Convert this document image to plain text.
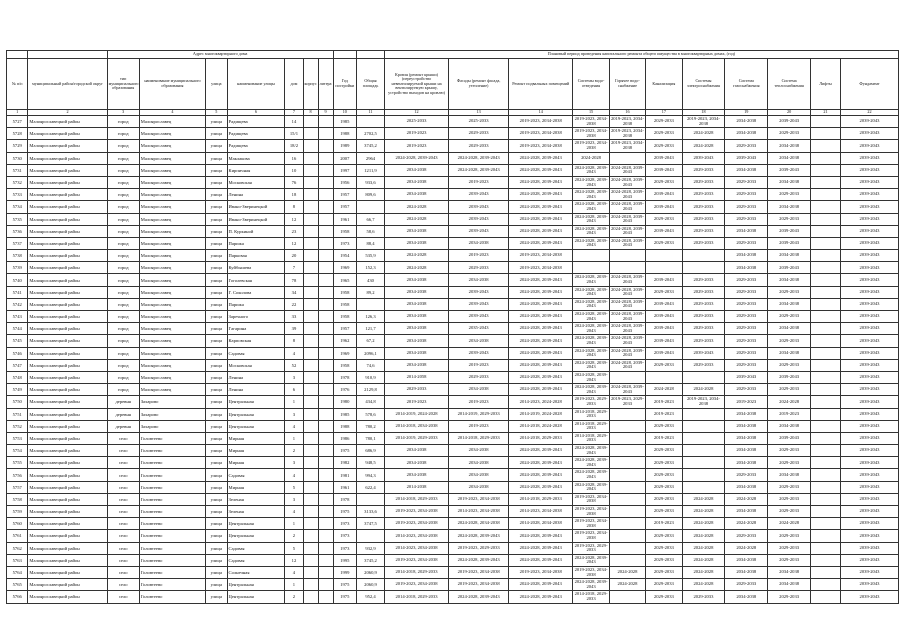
		Адрес многоквартирного дома									Плановый период проведения капитального ремонта общего имущества в многоквартирных домах, (год)										
№ п/п	муниципальный район/городской округ	тип муниципального образования	наименование муниципального образования	улица	наименование улицы	дом	корпус	литера	Год постройки	Общая площадь	Кровля (ремонт крыши) (переустройство невентилируемой крыши на вентилируемую крышу, устройство выходов на кровлю)	Фасады (ремонт фасада, утепление)	Ремонт подвальных помещений	Системы водо-отведения	Горячее водо-снабжение	Канализация	Системы электроснабжения	Система газоснабжения	Система теплоснабжения	Лифты	Фундамент
1	2	3	4	5	6	7	8	9	10	11	12	13	14	15	16	17	18	19	20	21	22
5727	Малоярославецкий район	город	Малоярославец	улица	Радищева	14			1985		2025-2033	2025-2033	2019-2023, 2034-2038	2019-2023, 2034-2038	2019-2023, 2034-2038	2029-2033	2019-2023, 2034-2038	2034-2038	2039-2043		2039-2043
5728	Малоярославецкий район	город	Малоярославец	улица	Радищева	15/1			1988	2702,5	2019-2023	2029-2033	2019-2023, 2034-2038	2019-2023, 2034-2038	2019-2023, 2034-2038	2029-2033	2024-2028	2034-2038	2029-2033		2039-2043
5729	Малоярославецкий район	город	Малоярославец	улица	Радищева	18/2			1989	3745,2	2019-2023	2029-2033	2019-2023, 2034-2038	2019-2023, 2034-2038	2019-2023, 2034-2038	2029-2033	2024-2028	2029-2033	2034-2038		2039-2043
5730	Малоярославецкий район	город	Малоярославец	улица	Маклакова	16			2007	2964	2024-2028, 2039-2043	2024-2028, 2039-2043	2024-2028, 2039-2043	2024-2028		2039-2043	2039-2043	2039-2043	2034-2038		2039-2043
5731	Малоярославецкий район	город	Малоярославец	улица	Кирпичная	10			1997	1211,9	2034-2038	2024-2028, 2039-2043	2024-2028, 2039-2043	2024-2028, 2039-2043	2024-2028, 2039-2043	2039-2043	2029-2033	2034-2038	2039-2043		2039-2043
5732	Малоярославецкий район	город	Малоярославец	улица	Московская	76			1956	933,6	2034-2038	2019-2023	2024-2028, 2039-2043	2024-2028, 2039-2043	2024-2028, 2039-2043	2029-2033	2029-2033	2029-2033	2034-2038		2039-2043
5733	Малоярославецкий район	город	Малоярославец	улица	Ленина	18			1957	809,6	2034-2038	2039-2043	2024-2028, 2039-2043	2024-2028, 2039-2043	2024-2028, 2039-2043	2039-2043	2029-2033	2029-2033	2029-2033		2039-2043
5734	Малоярославецкий район	город	Малоярославец	улица	Ивано-Зверинецкой	8			1957		2024-2028	2039-2043	2024-2028, 2039-2043	2024-2028, 2039-2043	2024-2028, 2039-2043	2039-2043	2029-2033	2029-2033	2034-2038		2039-2043
5735	Малоярославецкий район	город	Малоярославец	улица	Ивано-Зверинецкой	12			1961	66,7	2024-2028	2039-2043	2024-2028, 2039-2043	2024-2028, 2039-2043	2024-2028, 2039-2043	2029-2033	2029-2033	2029-2033	2029-2033		2039-2043
5736	Малоярославецкий район	город	Малоярославец	улица	П. Куркиной	23			1958	58,6	2034-2038	2039-2043	2024-2028, 2039-2043	2024-2028, 2039-2043	2024-2028, 2039-2043	2039-2043	2029-2033	2034-2038	2039-2043		2039-2043
5737	Малоярославецкий район	город	Малоярославец	улица	Парижа	12			1973	88,4	2034-2038	2034-2038	2024-2028, 2039-2043	2024-2028, 2039-2043	2024-2028, 2039-2043	2029-2033	2029-2033	2029-2033	2039-2043		2039-2043
5738	Малоярославецкий район	город	Малоярославец	улица	Парковая	20			1954	535,9	2024-2028	2019-2023	2019-2023, 2034-2038					2034-2038	2034-2038		2039-2043
5739	Малоярославецкий район	город	Малоярославец	улица	Куйбышева	7			1969	152,3	2024-2028	2029-2033	2019-2023, 2034-2038					2034-2038	2039-2043		2039-2043
5740	Малоярославецкий район	город	Малоярославец	улица	Гоголевская	78			1965	430	2034-2038	2034-2038	2024-2028, 2039-2043	2024-2028, 2039-2043	2024-2028, 2039-2043	2039-2043	2029-2033	2029-2033	2034-2038		2039-2043
5741	Малоярославецкий район	город	Малоярославец	улица	Г. Соколова	34			1958	89,2	2034-2038	2039-2043	2024-2028, 2039-2043	2024-2028, 2039-2043	2024-2028, 2039-2043	2029-2033	2029-2033	2029-2033	2029-2033		2039-2043
5742	Малоярославецкий район	город	Малоярославец	улица	Парижа	22			1958		2034-2038	2039-2043	2024-2028, 2039-2043	2024-2028, 2039-2043	2024-2028, 2039-2043	2039-2043	2029-2033	2029-2033	2034-2038		2039-2043
5743	Малоярославецкий район	город	Малоярославец	улица	Заречного	33			1958	126,3	2034-2038	2039-2043	2024-2028, 2039-2043	2024-2028, 2039-2043	2024-2028, 2039-2043	2039-2043	2029-2033	2029-2033	2029-2033		2039-2043
5744	Малоярославецкий район	город	Малоярославец	улица	Гагарина	39			1957	121,7	2034-2038	2035-2043	2024-2028, 2039-2043	2024-2028, 2039-2043	2024-2028, 2039-2043	2039-2043	2029-2033	2029-2033	2034-2038		2039-2043
5745	Малоярославецкий район	город	Малоярославец	улица	Карповская	8			1962	67,2	2034-2038	2034-2038	2024-2028, 2039-2043	2024-2028, 2039-2043	2024-2028, 2039-2043	2039-2043	2029-2033	2029-2033	2029-2033		2039-2043
5746	Малоярославецкий район	город	Малоярославец	улица	Садовая	4			1969	2096,1	2034-2038	2039-2043	2024-2028, 2039-2043	2024-2028, 2039-2043	2024-2028, 2039-2043	2039-2043	2039-2043	2029-2033	2034-2038		2039-2043
5747	Малоярославецкий район	город	Малоярославец	улица	Московская	52			1958	74,6	2034-2038	2019-2023	2024-2028, 2039-2043	2024-2028, 2039-2043	2024-2028, 2039-2043	2029-2033	2029-2033	2029-2033	2029-2033		2039-2043
5748	Малоярославецкий район	город	Малоярославец	улица	Ленина	3			1978	910,9	2014-2058	2029-2033	2024-2028, 2039-2043	2024-2028, 2039-2043				2039-2043	2039-2043		2039-2043
5749	Малоярославецкий район	город	Малоярославец	улица	Ленина	6			1976	2129,8	2029-2033	2034-2038	2024-2028, 2039-2043	2024-2028, 2039-2043	2024-2028, 2039-2043	2024-2028	2024-2028	2029-2033	2029-2033		2039-2043
5750	Малоярославецкий район	деревня	Захарово	улица	Центральная	1			1980	434,8	2019-2023	2019-2023	2014-2023, 2024-2028	2019-2023, 2029-2033	2019-2023, 2029-2033	2019-2023	2019-2023, 2034-2038	2019-2023	2024-2028		2039-2043
5751	Малоярославецкий район	деревня	Захарово	улица	Центральная	3			1985	578,6	2014-2019, 2024-2028	2014-2019, 2029-2033	2014-2019, 2024-2028	2014-2018, 2029-2033		2019-2023		2034-2038	2019-2023		2039-2043
5752	Малоярославецкий район	деревня	Захарово	улица	Центральная	4			1988	780,2	2014-2018, 2034-2038	2019-2023	2014-2018, 2024-2028	2014-2018, 2029-2033		2029-2033		2034-2038	2034-2038		2039-2043
5753	Малоярославецкий район	село	Головтеево	улица	Мирная	1			1986	780,1	2014-2019, 2029-2033	2014-2018, 2029-2033	2014-2018, 2029-2033	2014-2018, 2029-2033		2019-2023		2034-2038	2039-2043		2039-2043
5754	Малоярославецкий район	село	Головтеево	улица	Мирная	2			1975	686,9	2034-2038	2034-2038	2024-2028, 2039-2043	2024-2028, 2039-2043		2029-2033		2034-2038	2029-2033		2039-2043
5755	Малоярославецкий район	село	Головтеево	улица	Мирная	3			1982	948,5	2034-2038	2034-2038	2024-2028, 2039-2043	2024-2028, 2039-2043		2029-2033		2034-2038	2029-2033		2039-2043
5756	Малоярославецкий район	село	Головтеево	улица	Садовая	4			1981	994,3	2034-2038	2034-2038	2024-2028, 2039-2043	2024-2028, 2039-2043		2029-2033		2029-2033	2034-2038		2039-2043
5757	Малоярославецкий район	село	Головтеево	улица	Мирная	5			1961	622,4	2014-2038	2034-2038	2024-2028, 2039-2043	2024-2028, 2039-2043		2029-2033		2034-2038	2029-2033		2039-2043
5758	Малоярославецкий район	село	Головтеево	улица	Зеленая	3			1978		2014-2018, 2029-2033	2019-2023, 2034-2038	2014-2018, 2029-2033	2019-2023, 2034-2038		2029-2033	2024-2028	2024-2028	2029-2033		2039-2043
5759	Малоярославецкий район	село	Головтеево	улица	Зеленая	4			1975	3133,6	2019-2023, 2034-2038	2014-2023, 2034-2038	2014-2023, 2034-2038	2019-2023, 2034-2038		2029-2033	2024-2028	2034-2038	2029-2033		2039-2043
5760	Малоярославецкий район	село	Головтеево	улица	Центральная	1			1973	3747,5	2019-2023, 2034-2038	2024-2028, 2034-2038	2014-2028, 2034-2038	2019-2023, 2034-2038		2019-2023	2024-2028	2024-2028	2024-2028		2039-2043
5761	Малоярославецкий район	село	Головтеево	улица	Центральная	2			1973		2014-2023, 2034-2038	2024-2028, 2039-2043	2024-2028, 2039-2043	2019-2023, 2034-2038		2029-2033	2024-2028	2029-2033	2029-2033		2039-2043
5762	Малоярославецкий район	село	Головтеево	улица	Садовая	5			1973	932,9	2014-2023, 2034-2038	2019-2023, 2029-2033	2024-2028, 2039-2043	2019-2023, 2029-2033		2029-2033	2024-2028	2024-2028	2029-2033		2039-2043
5763	Малоярославецкий район	село	Головтеево	улица	Садовая	12			1995	3745,2	2019-2023, 2034-2038	2024-2028, 2039-2043	2024-2028, 2039-2043	2024-2028, 2039-2043		2029-2033	2024-2028	2034-2038	2029-2033		2039-2043
5764	Малоярославецкий район	село	Головтеево	улица	Солнечная	4			1999	2060,9	2014-2018, 2029-2033	2019-2023, 2034-2038	2019-2023, 2034-2038	2019-2023, 2034-2038	2024-2028	2029-2033	2024-2028	2034-2038	2034-2038		2039-2043
5765	Малоярославецкий район	село	Головтеево	улица	Центральная	1			1975	2060,9	2019-2023, 2034-2038	2019-2023, 2034-2038	2024-2028, 2039-2043	2024-2028, 2039-2043	2024-2028	2029-2033	2024-2028	2029-2033	2034-2038		2039-2043
5766	Малоярославецкий район	село	Головтеево	улица	Центральная	2			1975	952,4	2014-2018, 2029-2033	2024-2028, 2039-2043	2024-2028, 2039-2043	2014-2018, 2029-2033		2029-2033	2029-2033	2034-2038	2029-2033		2039-2043
